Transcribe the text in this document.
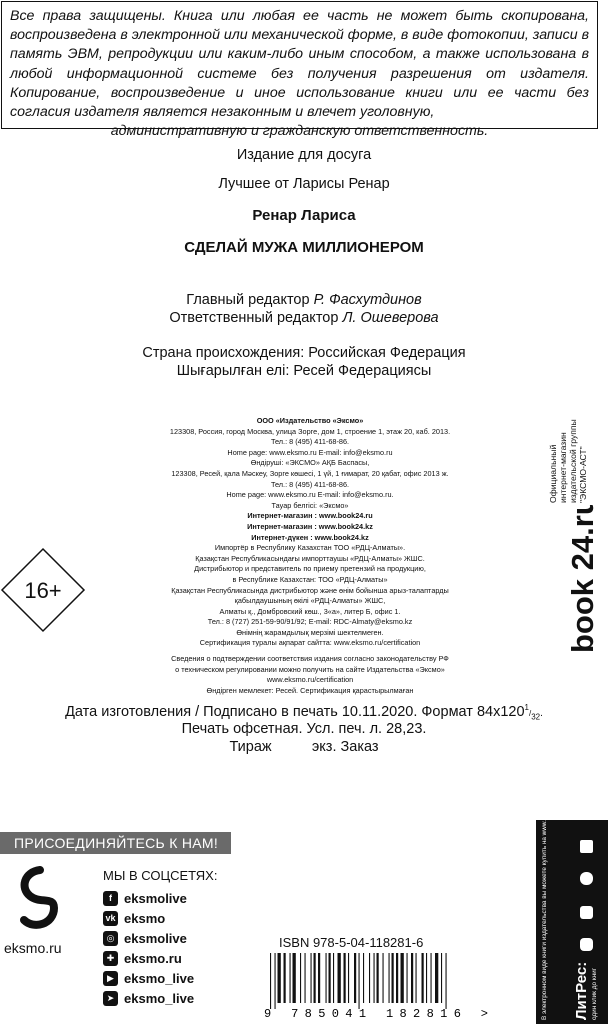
Все права защищены. Книга или любая ее часть не может быть скопирована, воспроизведена в электронной или механической форме, в виде фотокопии, записи в память ЭВМ, репродукции или каким-либо иным способом, а также использована в любой информационной системе без получения разрешения от издателя. Копирование, воспроизведение и иное использование книги или ее части без согласия издателя является незаконным и влечет уголовную,
административную и гражданскую ответственность.
Издание для досуга
Лучшее от Ларисы Ренар
Ренар Лариса
СДЕЛАЙ МУЖА МИЛЛИОНЕРОМ
Главный редактор Р. Фасхутдинов
Ответственный редактор Л. Ошеверова
Страна происхождения: Российская Федерация
Шығарылған елі: Ресей Федерациясы
ООО «Издательство «Эксмо»
123308, Россия, город Москва, улица Зорге, дом 1, строение 1, этаж 20, каб. 2013.
Тел.: 8 (495) 411-68-86.
Home page: www.eksmo.ru E-mail: info@eksmo.ru
Өндіруші: «ЭКСМО» АҚБ Баспасы,
123308, Ресей, қала Мәскеу, Зорге көшесі, 1 үй, 1 ғимарат, 20 қабат, офис 2013 ж.
Тел.: 8 (495) 411-68-86.
Home page: www.eksmo.ru E-mail: info@eksmo.ru.
Тауар белгісі: «Эксмо»
Интернет-магазин : www.book24.ru
Интернет-магазин : www.book24.kz
Интернет-дүкен : www.book24.kz
Импортёр в Республику Казахстан ТОО «РДЦ-Алматы».
Қазақстан Республикасындағы импорттаушы «РДЦ-Алматы» ЖШС.
Дистрибьютор и представитель по приему претензий на продукцию,
в Республике Казахстан: ТОО «РДЦ-Алматы»
Қазақстан Республикасында дистрибьютор және өнім бойынша арыз-талаптарды
қабылдаушының өкілі «РДЦ-Алматы» ЖШС,
Алматы қ., Домбровский көш., 3«а», литер Б, офис 1.
Тел.: 8 (727) 251-59-90/91/92; E-mail: RDC-Almaty@eksmo.kz
Өнімнің жарамдылық мерзімі шектелмеген.
Сертификация туралы ақпарат сайтта: www.eksmo.ru/certification
Сведения о подтверждении соответствия издания согласно законодательству РФ
о техническом регулировании можно получить на сайте Издательства «Эксмо»
www.eksmo.ru/certification
Өндірген мемлекет: Ресей. Сертификация қарастырылмаған
16+
Официальный интернет-магазин издательской группы "ЭКСМО-АСТ"
book 24.ru
Дата изготовления / Подписано в печать 10.11.2020. Формат $84x120^1/_{32}$.
Печать офсетная. Усл. печ. л. 28,23.
Тираж          экз. Заказ
ПРИСОЕДИНЯЙТЕСЬ К НАМ!
eksmo.ru
МЫ В СОЦСЕТЯХ:
f eksmolive
vk eksmo
◎ eksmolive
✚ eksmo.ru
▶ eksmo_live
➤ eksmo_live
ISBN 978-5-04-118281-6
9 785041 182816 >	В электронном виде книги издательства вы можете купить на www.litres.ru ЛитРес: один клик до книг
